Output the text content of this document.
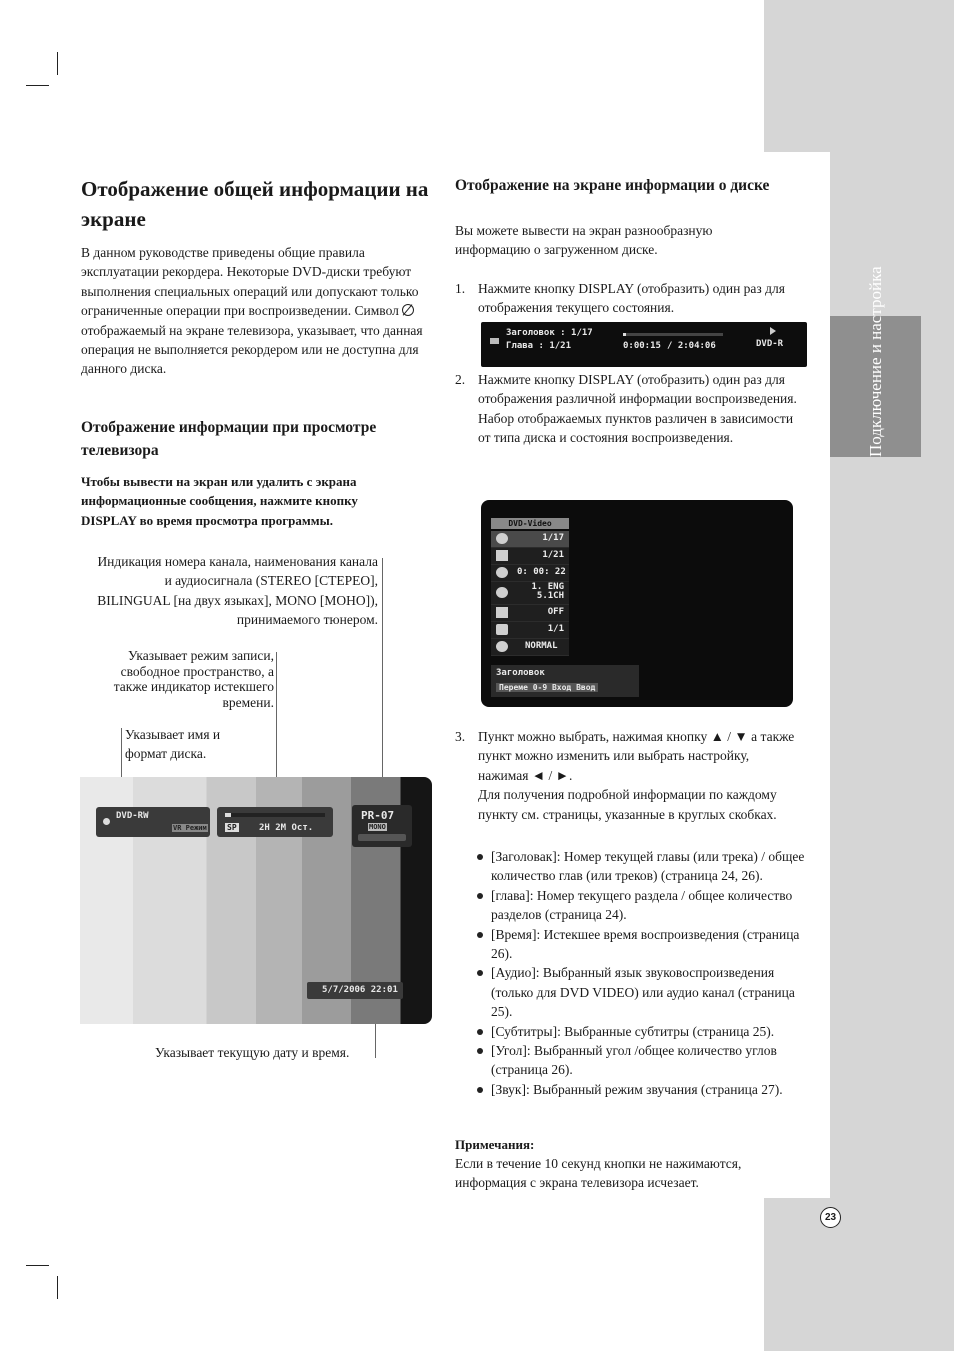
Подключение и настройка
23
Отображение общей информации на экране

В данном руководстве приведены общие правила эксплуатации рекордера. Некоторые DVD-диски требуют выполнения специальных операций или допускают только ограниченные операции при воспроизведении. Символ
отображаемый на экране телевизора, указывает, что данная операция не выполняется рекордером или не доступна для данного диска.

Отображение информации при просмотре телевизора

Чтобы вывести на экран или удалить с экрана информационные сообщения, нажмите кнопку DISPLAY во время просмотра программы.

Индикация номера канала, наименования канала и аудиосигнала (STEREO [СТЕРЕО], BILINGUAL [на двух языках], MONO [МОНО]), принимаемого тюнером.

Указывает режим записи, свободное пространство, а также индикатор истекшего времени.

Указывает имя и формат диска.

DVD-RW
VR Режим	SP 2H 2M Ост.
PR-07
MONO
5/7/2006 22:01

Указывает текущую дату и время.

Отображение на экране информации о диске

Вы можете вывести на экран разнообразную информацию о загруженном диске.

1. Нажмите кнопку DISPLAY (отобразить) один раз для отображения текущего состояния.

Заголовок : 1/17
Глава : 1/21	0:00:15 / 2:04:06	DVD-R
2. Нажмите кнопку DISPLAY (отобразить) один раз для отображения различной информации воспроизведения.

Набор отображаемых пунктов различен в зависимости от типа диска и состояния воспроизведения.

DVD-Video
1/17
1/21
0: 00: 22
1. ENG
5.1CH
OFF
1/1
NORMAL
Заголовок
Переме 0-9 Вход Ввод
3. Пункт можно выбрать, нажимая кнопку ▲ / ▼ а также пункт можно изменить или выбрать настройку, нажимая ◄ / ►.

Для получения подробной информации по каждому пункту см. страницы, указанные в круглых скобках.

[Заголовак]: Номер текущей главы (или трека) / общее количество глав (или треков) (страница 24, 26).
[глава]: Номер текущего раздела / общее количество разделов (страница 24).
[Время]: Истекшее время воспроизведения (страница 26).
[Аудио]: Выбранный язык звуковоспроизведения (только для DVD VIDEO) или аудио канал (страница 25).
[Субтитры]: Выбранные субтитры (страница 25).
[Угол]: Выбранный угол /общее количество углов (страница 26).
[Звук]: Выбранный режим звучания (страница 27).

Примечания:

Если в течение 10 секунд кнопки не нажимаются, информация с экрана телевизора исчезает.
